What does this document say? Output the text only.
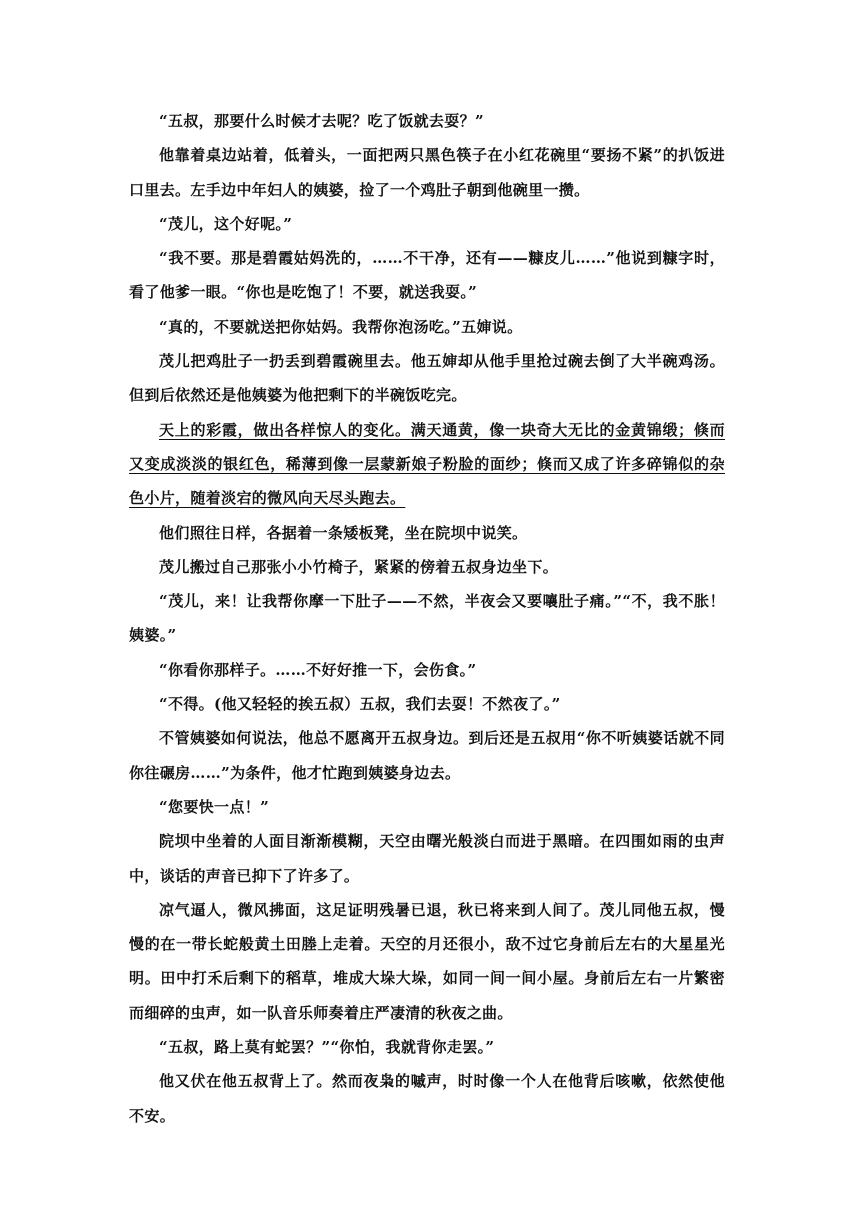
“五叔，那要什么时候才去呢？吃了饭就去耍？”

他靠着桌边站着，低着头，一面把两只黑色筷子在小红花碗里“要扬不紧”的扒饭进口里去。左手边中年妇人的姨婆，捡了一个鸡肚子朝到他碗里一攒。

“茂儿，这个好呢。”

“我不要。那是碧霞姑妈洗的，……不干净，还有——糠皮儿……”他说到糠字时，看了他爹一眼。“你也是吃饱了！不要，就送我耍。”

“真的，不要就送把你姑妈。我帮你泡汤吃。”五婶说。

茂儿把鸡肚子一扔丢到碧霞碗里去。他五婶却从他手里抢过碗去倒了大半碗鸡汤。但到后依然还是他姨婆为他把剩下的半碗饭吃完。

天上的彩霞，做出各样惊人的变化。满天通黄，像一块奇大无比的金黄锦缎；倏而又变成淡淡的银红色，稀薄到像一层蒙新娘子粉脸的面纱；倏而又成了许多碎锦似的杂色小片，随着淡宕的微风向天尽头跑去。

他们照往日样，各据着一条矮板凳，坐在院坝中说笑。

茂儿搬过自己那张小小竹椅子，紧紧的傍着五叔身边坐下。

“茂儿，来！让我帮你摩一下肚子——不然，半夜会又要嚷肚子痛。”“不，我不胀！姨婆。”

“你看你那样子。……不好好推一下，会伤食。”

“不得。(他又轻轻的挨五叔）五叔，我们去耍！不然夜了。”

不管姨婆如何说法，他总不愿离开五叔身边。到后还是五叔用“你不听姨婆话就不同你往碾房……”为条件，他才忙跑到姨婆身边去。

“您要快一点！”

院坝中坐着的人面目渐渐模糊，天空由曙光般淡白而进于黑暗。在四围如雨的虫声中，谈话的声音已抑下了许多了。

凉气逼人，微风拂面，这足证明残暑已退，秋已将来到人间了。茂儿同他五叔，慢慢的在一带长蛇般黄土田塍上走着。天空的月还很小，敌不过它身前后左右的大星星光明。田中打禾后剩下的稻草，堆成大垛大垛，如同一间一间小屋。身前后左右一片繁密而细碎的虫声，如一队音乐师奏着庄严凄清的秋夜之曲。

“五叔，路上莫有蛇罢？”“你怕，我就背你走罢。”

他又伏在他五叔背上了。然而夜枭的嘁声，时时像一个人在他背后咳嗽，依然使他不安。
